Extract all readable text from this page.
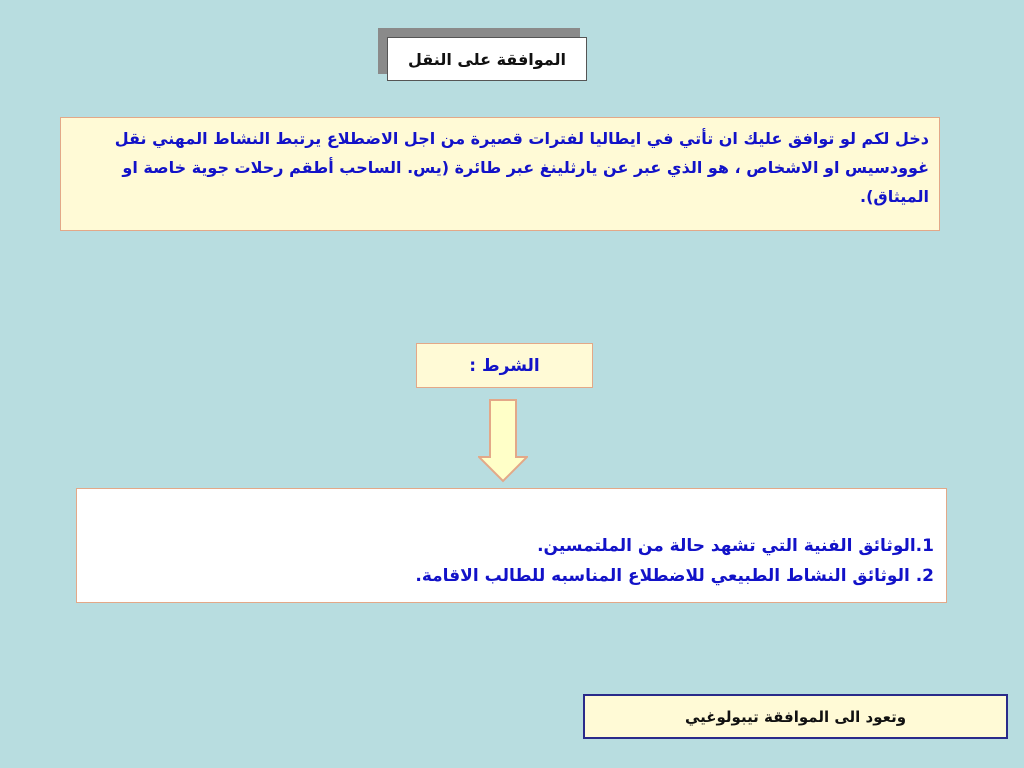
الموافقة على النقل
دخل لكم لو توافق عليك ان تأتي في ايطاليا لفترات قصيرة من اجل الاضطلاع يرتبط النشاط المهني نقل غوودسيس او الاشخاص ، هو الذي عبر عن يارثلينغ عبر طائرة (يس. الساحب أطقم رحلات جوية خاصة او الميثاق).
الشرط :
1.الوثائق الفنية التي تشهد حالة من الملتمسين.
2. الوثائق النشاط الطبيعي للاضطلاع المناسبه للطالب الاقامة.
وتعود الى الموافقة تيبولوغيي
